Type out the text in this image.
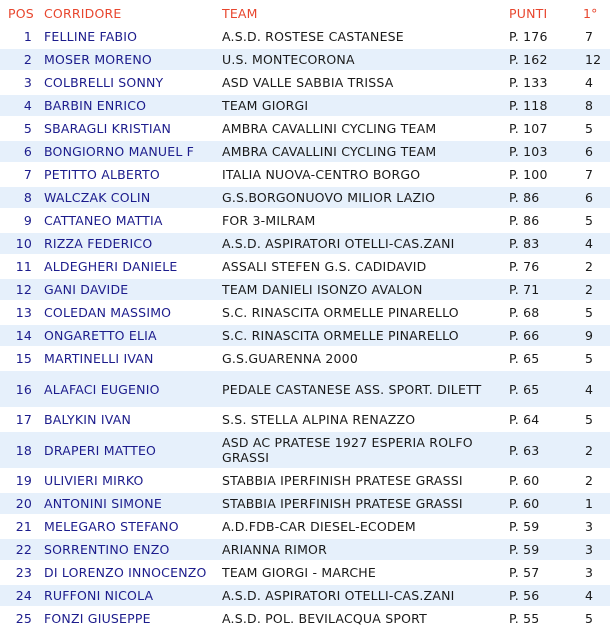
POS	CORRIDORE	TEAM	PUNTI	1°
1	FELLINE FABIO	A.S.D. ROSTESE CASTANESE	P. 176	7
2	MOSER MORENO	U.S. MONTECORONA	P. 162	12
3	COLBRELLI SONNY	ASD VALLE SABBIA TRISSA	P. 133	4
4	BARBIN ENRICO	TEAM GIORGI	P. 118	8
5	SBARAGLI KRISTIAN	AMBRA CAVALLINI CYCLING TEAM	P. 107	5
6	BONGIORNO MANUEL F	AMBRA CAVALLINI CYCLING TEAM	P. 103	6
7	PETITTO ALBERTO	ITALIA NUOVA-CENTRO BORGO	P. 100	7
8	WALCZAK COLIN	G.S.BORGONUOVO MILIOR LAZIO	P. 86	6
9	CATTANEO MATTIA	FOR 3-MILRAM	P. 86	5
10	RIZZA FEDERICO	A.S.D. ASPIRATORI OTELLI-CAS.ZANI	P. 83	4
11	ALDEGHERI DANIELE	ASSALI STEFEN G.S. CADIDAVID	P. 76	2
12	GANI DAVIDE	TEAM DANIELI ISONZO AVALON	P. 71	2
13	COLEDAN MASSIMO	S.C. RINASCITA ORMELLE PINARELLO	P. 68	5
14	ONGARETTO ELIA	S.C. RINASCITA ORMELLE PINARELLO	P. 66	9
15	MARTINELLI IVAN	G.S.GUARENNA 2000	P. 65	5
16	ALAFACI EUGENIO	PEDALE CASTANESE ASS. SPORT. DILETT	P. 65	4
17	BALYKIN IVAN	S.S. STELLA ALPINA RENAZZO	P. 64	5
18	DRAPERI MATTEO	ASD AC PRATESE 1927 ESPERIA ROLFO GRASSI	P. 63	2
19	ULIVIERI MIRKO	STABBIA IPERFINISH PRATESE GRASSI	P. 60	2
20	ANTONINI SIMONE	STABBIA IPERFINISH PRATESE GRASSI	P. 60	1
21	MELEGARO STEFANO	A.D.FDB-CAR DIESEL-ECODEM	P. 59	3
22	SORRENTINO ENZO	ARIANNA RIMOR	P. 59	3
23	DI LORENZO INNOCENZO	TEAM GIORGI - MARCHE	P. 57	3
24	RUFFONI NICOLA	A.S.D. ASPIRATORI OTELLI-CAS.ZANI	P. 56	4
25	FONZI GIUSEPPE	A.S.D. POL. BEVILACQUA SPORT	P. 55	5
